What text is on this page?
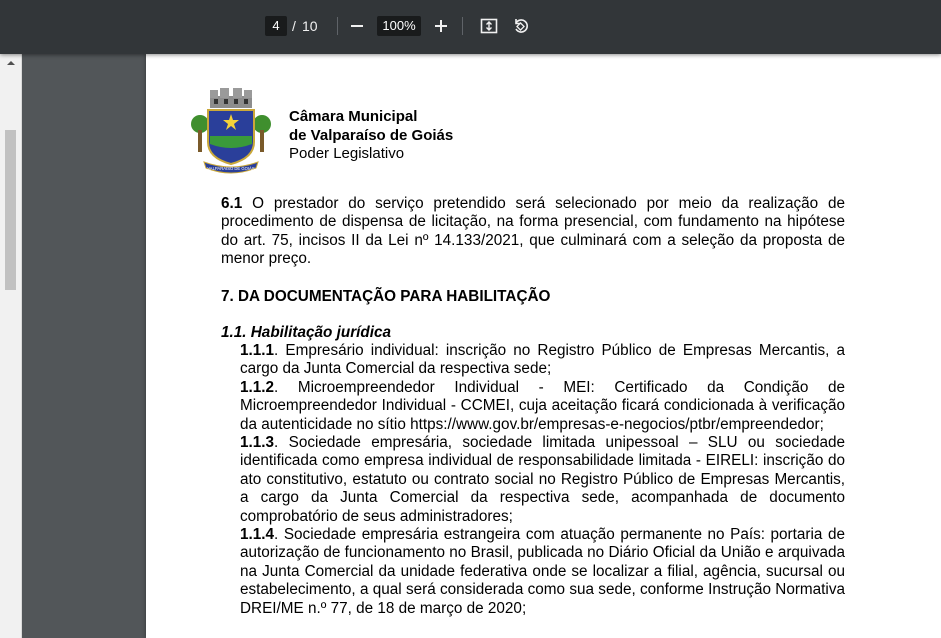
4 / 10	100%
VALPARAÍSO DE GOIÁS
Câmara Municipal
de Valparaíso de Goiás
Poder Legislativo
6.1 O prestador do serviço pretendido será selecionado por meio da realização de procedimento de dispensa de licitação, na forma presencial, com fundamento na hipótese do art. 75, incisos II da Lei nº 14.133/2021, que culminará com a seleção da proposta de menor preço.
7. DA DOCUMENTAÇÃO PARA HABILITAÇÃO
1.1. Habilitação jurídica

1.1.1. Empresário individual: inscrição no Registro Público de Empresas Mercantis, a cargo da Junta Comercial da respectiva sede;

1.1.2. Microempreendedor Individual - MEI: Certificado da Condição de Microempreendedor Individual - CCMEI, cuja aceitação ficará condicionada à verificação da autenticidade no sítio https://www.gov.br/empresas-e-negocios/ptbr/empreendedor;

1.1.3. Sociedade empresária, sociedade limitada unipessoal – SLU ou sociedade identificada como empresa individual de responsabilidade limitada - EIRELI: inscrição do ato constitutivo, estatuto ou contrato social no Registro Público de Empresas Mercantis, a cargo da Junta Comercial da respectiva sede, acompanhada de documento comprobatório de seus administradores;

1.1.4. Sociedade empresária estrangeira com atuação permanente no País: portaria de autorização de funcionamento no Brasil, publicada no Diário Oficial da União e arquivada na Junta Comercial da unidade federativa onde se localizar a filial, agência, sucursal ou estabelecimento, a qual será considerada como sua sede, conforme Instrução Normativa DREI/ME n.º 77, de 18 de março de 2020;
